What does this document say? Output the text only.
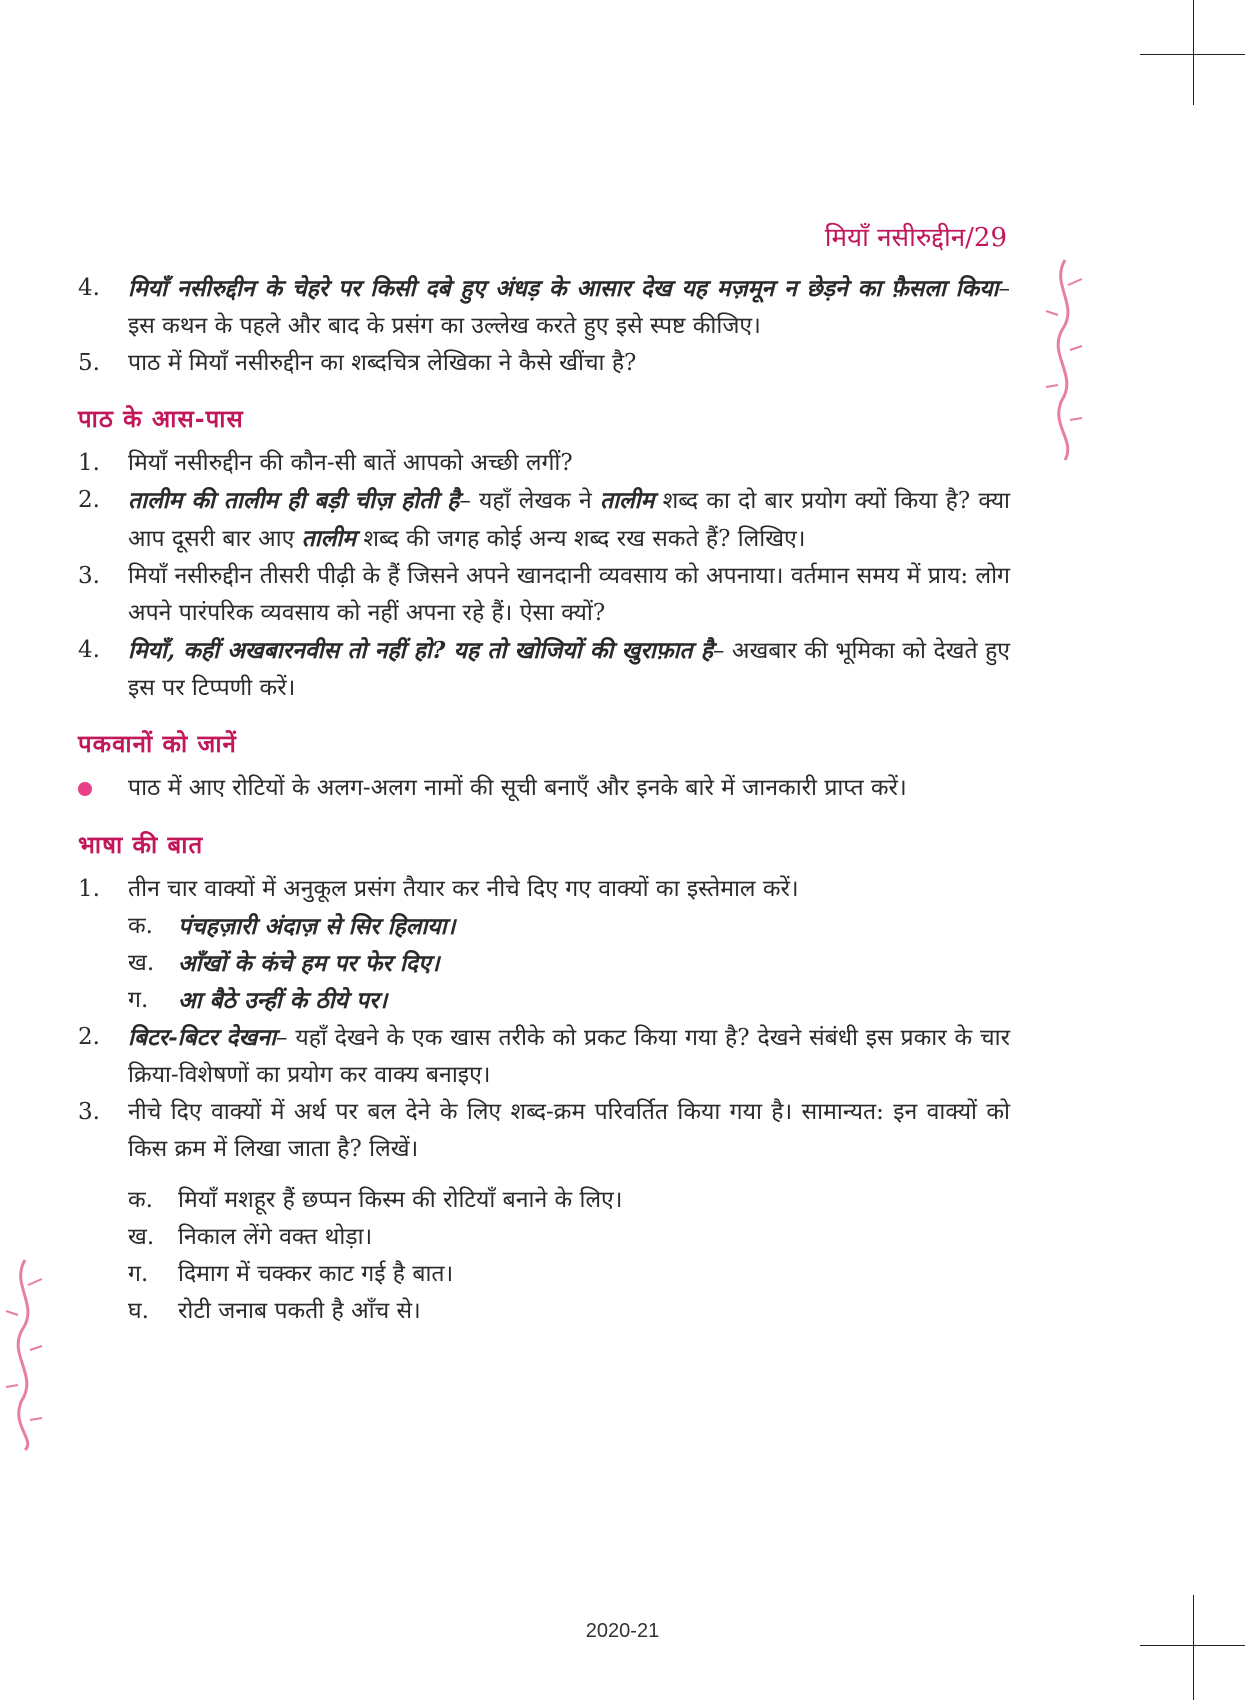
मियाँ नसीरुद्दीन/29
4.	मियाँ नसीरुद्दीन के चेहरे पर किसी दबे हुए अंधड़ के आसार देख यह मज़मून न छेड़ने का फ़ैसला किया– इस कथन के पहले और बाद के प्रसंग का उल्लेख करते हुए इसे स्पष्ट कीजिए।
5.	पाठ में मियाँ नसीरुद्दीन का शब्दचित्र लेखिका ने कैसे खींचा है?
पाठ के आस-पास
1.	मियाँ नसीरुद्दीन की कौन-सी बातें आपको अच्छी लगीं?
2.	तालीम की तालीम ही बड़ी चीज़ होती है– यहाँ लेखक ने तालीम शब्द का दो बार प्रयोग क्यों किया है? क्या आप दूसरी बार आए तालीम शब्द की जगह कोई अन्य शब्द रख सकते हैं? लिखिए।
3.	मियाँ नसीरुद्दीन तीसरी पीढ़ी के हैं जिसने अपने खानदानी व्यवसाय को अपनाया। वर्तमान समय में प्राय: लोग अपने पारंपरिक व्यवसाय को नहीं अपना रहे हैं। ऐसा क्यों?
4.	मियाँ, कहीं अखबारनवीस तो नहीं हो? यह तो खोजियों की खुराफ़ात है– अखबार की भूमिका को देखते हुए इस पर टिप्पणी करें।
पकवानों को जानें
पाठ में आए रोटियों के अलग-अलग नामों की सूची बनाएँ और इनके बारे में जानकारी प्राप्त करें।
भाषा की बात
1.	तीन चार वाक्यों में अनुकूल प्रसंग तैयार कर नीचे दिए गए वाक्यों का इस्तेमाल करें।
क.	पंचहज़ारी अंदाज़ से सिर हिलाया।
ख.	आँखों के कंचे हम पर फेर दिए।
ग.	आ बैठे उन्हीं के ठीये पर।
2.	बिटर-बिटर देखना– यहाँ देखने के एक खास तरीके को प्रकट किया गया है? देखने संबंधी इस प्रकार के चार क्रिया-विशेषणों का प्रयोग कर वाक्य बनाइए।
3.	नीचे दिए वाक्यों में अर्थ पर बल देने के लिए शब्द-क्रम परिवर्तित किया गया है। सामान्यत: इन वाक्यों को किस क्रम में लिखा जाता है? लिखें।
क.	मियाँ मशहूर हैं छप्पन किस्म की रोटियाँ बनाने के लिए।
ख.	निकाल लेंगे वक्त थोड़ा।
ग.	दिमाग में चक्कर काट गई है बात।
घ.	रोटी जनाब पकती है आँच से।
2020-21
